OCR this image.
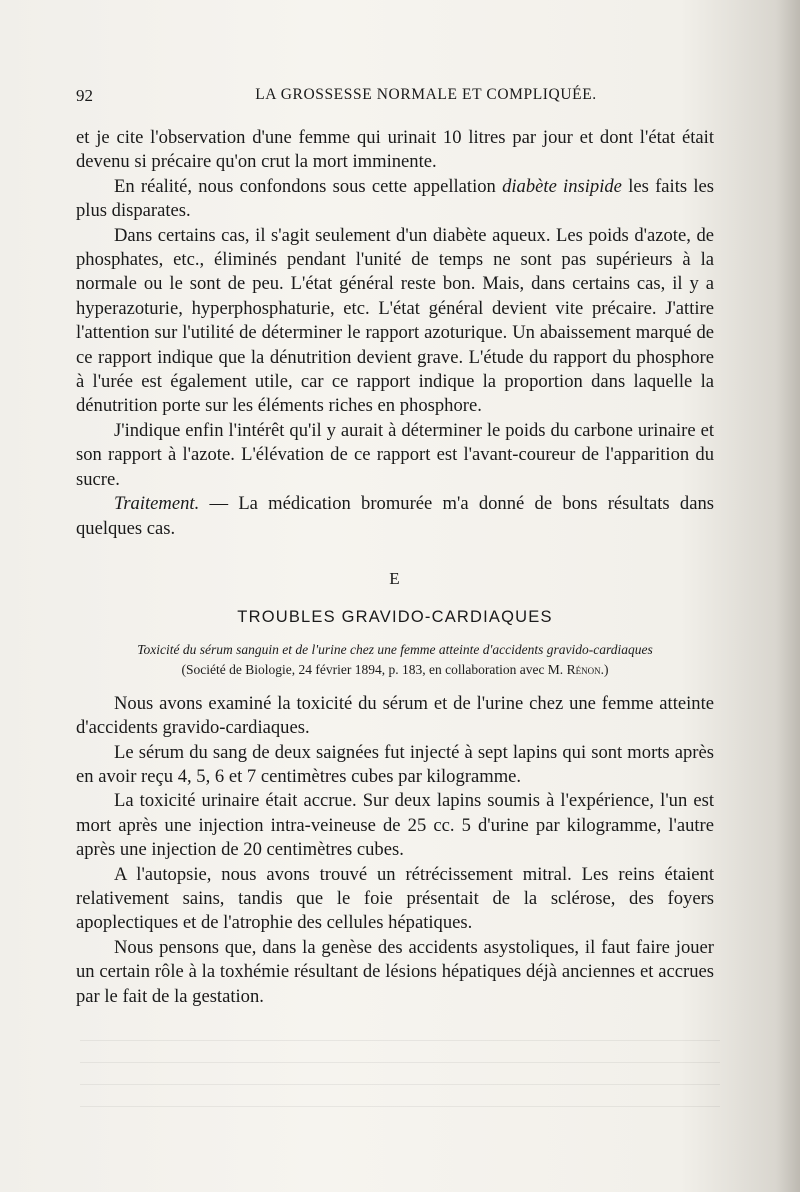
92	LA GROSSESSE NORMALE ET COMPLIQUÉE.

et je cite l'observation d'une femme qui urinait 10 litres par jour et dont l'état était devenu si précaire qu'on crut la mort imminente.

En réalité, nous confondons sous cette appellation diabète insipide les faits les plus disparates.

Dans certains cas, il s'agit seulement d'un diabète aqueux. Les poids d'azote, de phosphates, etc., éliminés pendant l'unité de temps ne sont pas supérieurs à la normale ou le sont de peu. L'état général reste bon. Mais, dans certains cas, il y a hyperazoturie, hyperphosphaturie, etc. L'état général devient vite précaire. J'attire l'attention sur l'utilité de déterminer le rapport azoturique. Un abaissement marqué de ce rapport indique que la dénutrition devient grave. L'étude du rapport du phosphore à l'urée est également utile, car ce rapport indique la proportion dans laquelle la dénutrition porte sur les éléments riches en phosphore.

J'indique enfin l'intérêt qu'il y aurait à déterminer le poids du carbone urinaire et son rapport à l'azote. L'élévation de ce rapport est l'avant-coureur de l'apparition du sucre.

Traitement. — La médication bromurée m'a donné de bons résultats dans quelques cas.

E
TROUBLES GRAVIDO-CARDIAQUES
Toxicité du sérum sanguin et de l'urine chez une femme atteinte d'accidents gravido-cardiaques
(Société de Biologie, 24 février 1894, p. 183, en collaboration avec M. Rénon.)

Nous avons examiné la toxicité du sérum et de l'urine chez une femme atteinte d'accidents gravido-cardiaques.

Le sérum du sang de deux saignées fut injecté à sept lapins qui sont morts après en avoir reçu 4, 5, 6 et 7 centimètres cubes par kilogramme.

La toxicité urinaire était accrue. Sur deux lapins soumis à l'expérience, l'un est mort après une injection intra-veineuse de 25 cc. 5 d'urine par kilogramme, l'autre après une injection de 20 centimètres cubes.

A l'autopsie, nous avons trouvé un rétrécissement mitral. Les reins étaient relativement sains, tandis que le foie présentait de la sclérose, des foyers apoplectiques et de l'atrophie des cellules hépatiques.

Nous pensons que, dans la genèse des accidents asystoliques, il faut faire jouer un certain rôle à la toxhémie résultant de lésions hépatiques déjà anciennes et accrues par le fait de la gestation.
